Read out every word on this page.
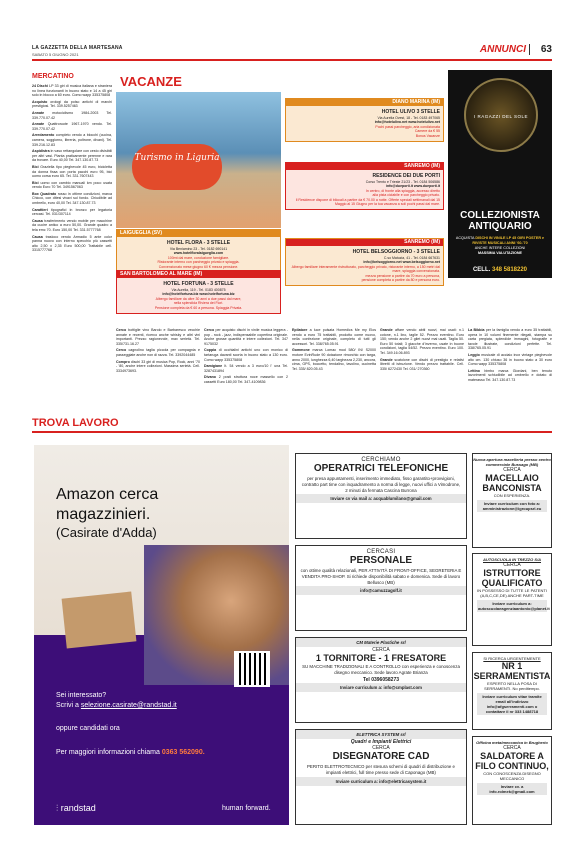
LA GAZZETTA DELLA MARTESANA
SABATO 5 GIUGNO 2021	ANNUNCI 63
MERCATINO

24 Dischi LP 33 giri di musica italiana e straniera no linea funzionanti in buono stato e 14 a 45 giri solo in blocco a 60 euro. Como wapp 335375808

Acquisto orologi da polso antichi di marchi prestigiosi. Tel. 339.5257463

Annate motociclismo 1984-2003 Tel. 339.770.07.42

Annate Quattroruote 1967-1970 vendo. Tel. 339.770.07.42

Arredamento completo vendo a blocchi (cucina, camera, soggiorno, libreria, poltrone, divani). Tel. 339.216.12.83

Aspidistra in vaso rettangolare con cesto divisibili per altri vasi. Pianta praticamente perenne e rara da trovare. Euro 40,00 Tel. 347.130.87.73

Bici Graziella tipo pieghevole 45 euro, bicicletta da donna fissa con porta pacchi euro 95, bici uomo corsa euro 65. Tel. 331.7607443

Bici uomo con cambio manuali km poco usata vendo Euro 70 Tel. 3491567063

Box Quadrato rosso in ottime condizioni, marca Chicco, con ditesi vivavi sul fondo. Chiudibile ad ombrello, euro 40,00 Tel. 347.130.87.73

Carattieri tipografici in bronzo per legatoria cercasi. Tel. 031/307114

Causa trasferimento vendo mobile per macchine da cucire antico a euro 50,00. Grande quadro a tela emc 70. Euro 150,00 Tel. 331.5777768

Causa trasloco vendo Armadio 5 ante color panna nuovo con interno specchio più cassetti alto 2,50 x 2,35 Euro 500,00 Trattabile cell. 3315777768

VACANZE
Turismo in Liguria
LAIGUEGLIA (SV)
HOTEL FLORA - 3 STELLE
Via Beniamino 23 - Tel. 0182 690141
www.hotelfloralaigueglia.com
100mt dal mare, conduzione famigliare.
Ristorante interno con parcheggio privato e spiaggia.
Convenzionato mese giugno 60 € mezza pensione.
SAN BARTOLOMEO AL MARE (IM)
HOTEL FORTUNA - 3 STELLE
Via Aurelia, 119 - Tel. 0183 400875
info@hotelfortuna.biz www.hotelfortuna.biz
Albergo familiare da oltre 30 anni a due passi dal mare,
nella splendida Riviera dei Fiori.
Pensione completa da € 60 a persona. Spiaggia Privata.
DIANO MARINA (IM)
HOTEL ULIVO 3 STELLE
Via Aurelia Ovest, 18 - Tel. 0183 497065
info@hotelulivo.net www.hotelulivo.net
Pochi passi parcheggio, aria condizionata
Camere da € 55
Bonus Vacanze
SANREMO (IM)
RESIDENCE DEI DUE PORTI
Corso Trento e Trieste 21/23 - Tel. 0184 506586
info@dueporti.it www.dueporti.it
In centro, di fronte alla spiaggia, accesso diretto
alla pista ciclabile e con parcheggio privato.
Il Residence dispone di bilocali a partire da € 70.00 a notte. Offerte speciali settimanali dal 15 Maggio al 15 Giugno per la tua vacanza a soli pochi passi dal mare.
SANREMO (IM)
HOTEL BELSOGGIORNO - 3 STELLE
C.so Matuzia, 41 - Tel. 0184 667631
info@belsoggiorno.net www.belsoggiorno.net
Albergo familiare interamente ristrutturato, parcheggio privato, ristorante interno, a 150 metri dal mare, spiaggia convenzionata.
mezza pensione a partire da 70 euro a persona,
pensione completa a partire da 80 e persona euro.
I RAGAZZI DEL SOLE
COLLEZIONISTA ANTIQUARIO
ACQUISTA DISCHI IN VINILE LP 45 GIRI POSTER e RIVISTE MUSICALI ANNI '60-'70
ANCHE INTERE COLLEZIONI
MASSIMA VALUTAZIONE
CELL. 348 5818220

Cerco bottiglie vino Barolo e Barbaresco vecchie annate e recenti, ricerco anche whisky e altri vini importanti. Prezzo ragionevole, max serietà. Tel. 335/731.16.27

Cerco cagnolino taglia piccola per compagnia e passeggiate anche non di razza. Tel. 3392044485

Compro dischi 33 giri di musica Pop, Rock, anni '70 - '80, anche intere collezioni. Massima serietà. Cell. 3334973693.

Cerco per acquisto dischi in vinile musica leggera - pop - rock - jazz, indispensabile copertina originale. Anche grosse quantità e intere collezioni. Tel. 347 9175032

Coppia di occhialini antichi uno con monico di tartaruga davanti scorta in buono stato a 130 euro. Como wapp 335375808

Damigiane lt. 54 vendo a 3 euro/10 l' una Tel. 3287431894

Divano 2 posti struttura noce massello con 2 cassetti Euro 180,00 Tel. 347-4109836

Epilatore a luce pulsata Homedics Me my Elos vendo a euro 75 trattabili, prodotto come nuovo, nella confezione originale, completo di tutti gli accessori. Tel. 338/765.05.91

Gommone marca Lomac mod 580/ IN/ S2000 motore EvinRude 90 dotazione rimorchio con targa, anno 2000, lunghezza 6,40 larghezza 2,230, ancora, cima, GPS, boccetto, tendalino, tavolino, cucinetta Tel. 335/ 820.05.43

Grande affare vendo abiti nuovi, mai usati: n.1 cotone, n.1 lino, taglie 52. Prezzo eventino. Euro 150; vendo anche 2 gilet nuovi mai usati. Taglia 50. Euro 50 totali; 3 giacche d'inverno, usate in buone condizioni, taglia 54/52. Prezzo eventino. Euro 100. Tel. 349.16.06.893

Grande scatolone con dischi di prestigio e relativi libretti di istruzione. Vendo prezzo trattabile. Cell. 335/ 6272430 Tel. 031/ 270360

La Bibbia per la famiglia vendo a euro 35 trattabili, opera in 10 volumi finemente rilegati, stampa su carta pregiata, splendide immagini, fotografie e tavole illustrate, condizioni perfette. Tel. 338/765.05.91

Leggio musicale di acciaio inox vintage pieghevole alto cm. 130 chiuso 36 in buono stato a 30 euro Como wapp 335375808

Lettino bimbo marca Giordani, ben tenuto lavorimenti schiudibile ad ombrello e dotato di materasso Tel. 347.130.87.73

TROVA LAVORO
Amazon cerca magazzinieri.
(Casirate d'Adda)
Sei interessato?
Scrivi a selezione.casirate@randstad.it
oppure candidati ora
Per maggiori informazioni chiama 0363 562090.
⫶ randstad	human forward.
CERCHIAMO
OPERATRICI TELEFONICHE
per presa appuntamenti, inserimento immediato, fisso garantito+provvigioni, contratto part time con inquadramento a norma di legge, nuovi uffici a Vimodrone, 2 minuti da fermata Cascina Burrona
Inviare cv via mail a: acquablumilano@gmail.com
CERCASI
PERSONALE
con ottime qualità relazionali, PER ATTIVITÀ DI FRONT-OFFICE, SEGRETERIA E VENDITA PRO-SHOP. Si richiede disponibilità sabato e domenica. Sede di lavoro Bellusco (MB)
info@camuzzagolf.it
CM Materie Plastiche srl
CERCA
1 TORNITORE - 1 FRESATORE
SU MACCHINE TRADIZIONALI E A CONTROLLO con esperienza e conoscenza disegno meccanico. Sede lavoro Agrate Brianza
Tel 0396058273
Inviare curriculum a: info@cmplast.com
ELETTRICA SYSTEM srl
Quadri e Impianti Elettrici
CERCA
DISEGNATORE CAD
PERITO ELETTROTECNICO per stesura schemi di quadri di distribuzione e impianti elettrici, full time presso sede di Caponago (MB)
Inviare curriculum a: info@elettricasystem.it
Nuova apertura macelleria presso centro commerciale Bussago (MB)
CERCA
MACELLAIO BANCONISTA
CON ESPERIENZA.
Inviare curriculum con foto a: amministrazione@igroupsrl.eu
AUTOSCUOLA IN TREZZO S/A
CERCA
ISTRUTTORE QUALIFICATO
IN POSSESSO DI TUTTE LE PATENTI (A,B,C,CE,DE) ANCHE PART-TIME
Inviare curriculum a: autoscuolaeagenziaantonio@planet.it
SI RICERCA URGENTEMENTE
NR 1 SERRAMENTISTA
ESPERTO NELLA POSA DI SERRAMENTI. No perditempo.
Inviare curriculum vitae tramite email all'indirizzo info@afgserramenti.com o contattare il nr 333 1488718
Officina metalmeccanica in Brugherio
CERCA
SALDATORE A FILO CONTINUO,
CON CONOSCENZA DISEGNO MECCANICO
Inviare cv. a
info.rolmek@gmail.com
